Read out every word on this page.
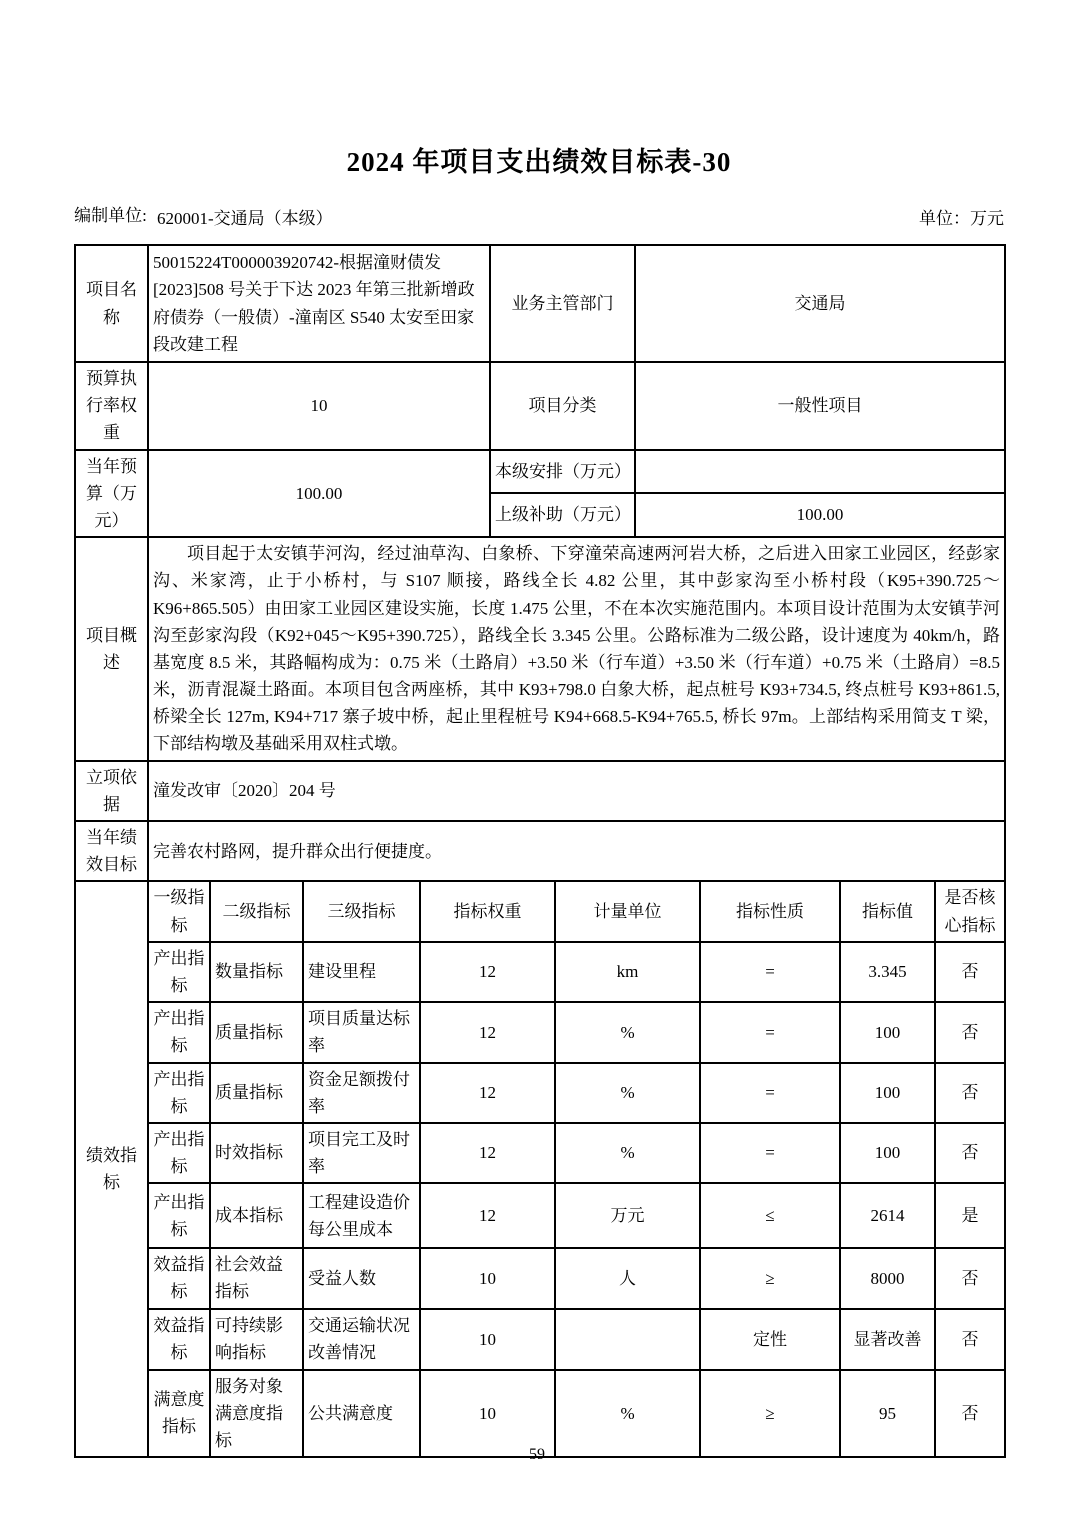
2024 年项目支出绩效目标表-30
编制单位: 620001-交通局（本级）	单位：万元
项目名称	50015224T000003920742-根据潼财债发[2023]508 号关于下达 2023 年第三批新增政府债券（一般债）-潼南区 S540 太安至田家段改建工程				业务主管部门		交通局			
预算执行率权重	10				项目分类		一般性项目			
当年预算（万元）	100.00				本级安排（万元）					
					上级补助（万元）		100.00			
项目概述	项目起于太安镇芋河沟，经过油草沟、白象桥、下穿潼荣高速两河岩大桥，之后进入田家工业园区，经彭家沟、米家湾，止于小桥村，与 S107 顺接，路线全长 4.82 公里，其中彭家沟至小桥村段（K95+390.725～K96+865.505）由田家工业园区建设实施，长度 1.475 公里，不在本次实施范围内。本项目设计范围为太安镇芋河沟至彭家沟段（K92+045～K95+390.725），路线全长 3.345 公里。公路标准为二级公路，设计速度为 40km/h，路基宽度 8.5 米，其路幅构成为：0.75 米（土路肩）+3.50 米（行车道）+3.50 米（行车道）+0.75 米（土路肩）=8.5 米，沥青混凝土路面。本项目包含两座桥，其中 K93+798.0 白象大桥，起点桩号 K93+734.5, 终点桩号 K93+861.5, 桥梁全长 127m, K94+717 寨子坡中桥，起止里程桩号 K94+668.5-K94+765.5, 桥长 97m。上部结构采用简支 T 梁，下部结构墩及基础采用双柱式墩。									
立项依据	潼发改审〔2020〕204 号									
当年绩效目标	完善农村路网，提升群众出行便捷度。									
绩效指标	一级指标	二级指标	三级指标	指标权重		计量单位		指标性质	指标值	是否核心指标
	产出指标	数量指标	建设里程	12		km		=	3.345	否
	产出指标	质量指标	项目质量达标率	12		%		=	100	否
	产出指标	质量指标	资金足额拨付率	12		%		=	100	否
	产出指标	时效指标	项目完工及时率	12		%		=	100	否
	产出指标	成本指标	工程建设造价每公里成本	12		万元		≤	2614	是
	效益指标	社会效益指标	受益人数	10		人		≥	8000	否
	效益指标	可持续影响指标	交通运输状况改善情况	10				定性	显著改善	否
	满意度指标	服务对象满意度指标	公共满意度	10		%		≥	95	否
59
